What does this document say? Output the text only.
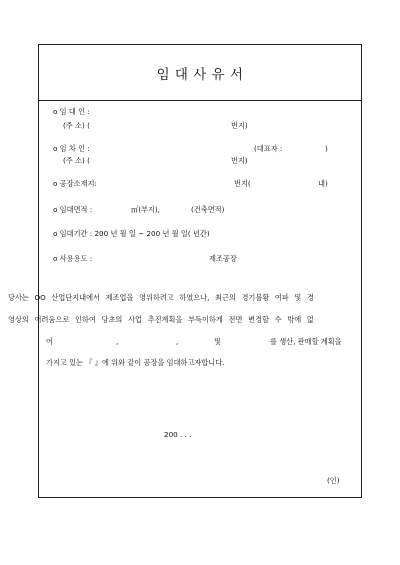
임 대 사 유 서
o 임 대 인 :
(주 소) (	번지)
o 임 차 인 :	(대표자 :	)
(주 소) (	번지)
o 공장소재지:	번지(	내)
o 임대면적 :	㎡(부지),	(건축면적)
o 임대기간 : 200 년 월 일 ~ 200 년 월 일( 년간)
o 사용용도 :	제조공장
당사는 OO 산업단지내에서 제조업을 영위하려고 하였으나, 최근의 경기불황 여파 및 경
영상의 어려움으로 인하여 당초의 사업 추진계획을 부득이하게 전면 변경할 수 밖에 없
어	,	,	및	를 생산, 판매할 계획을
가지고 있는 『 』에 위와 같이 공장을 임대하고자합니다.
200 . . .
(인)
